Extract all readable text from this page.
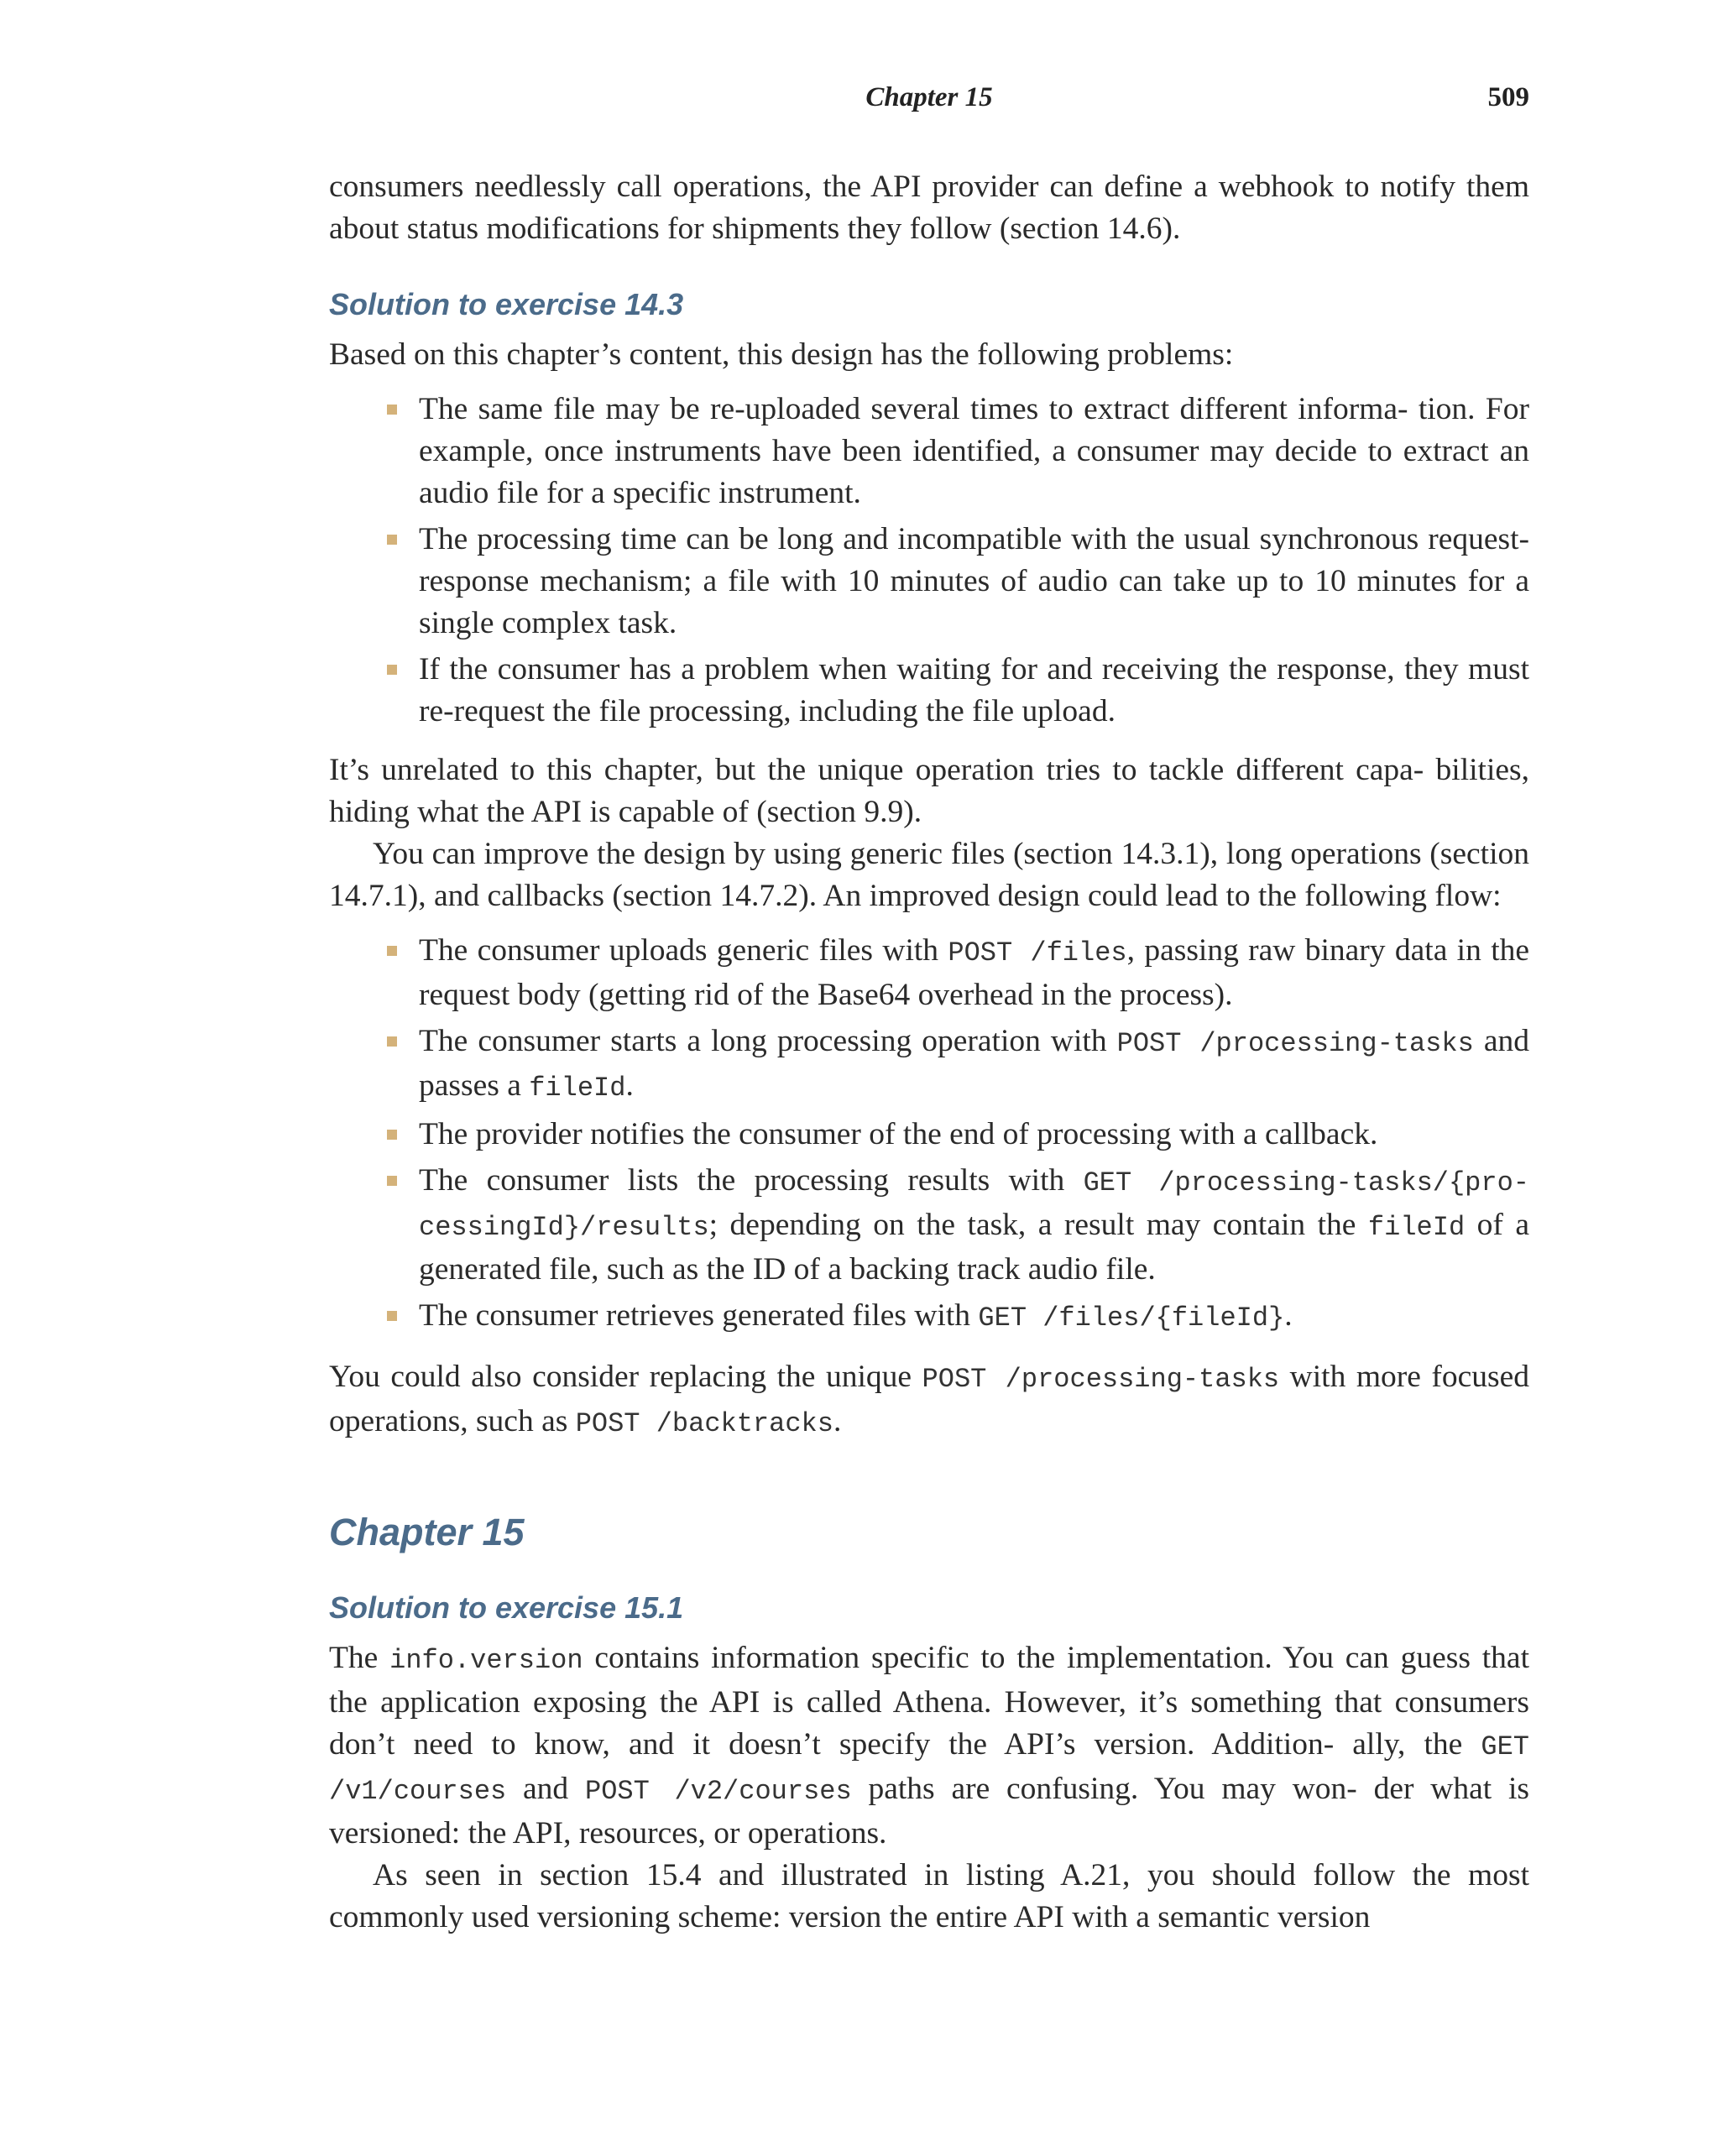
Chapter 15	509

consumers needlessly call operations, the API provider can define a webhook to notify them about status modifications for shipments they follow (section 14.6).

Solution to exercise 14.3

Based on this chapter’s content, this design has the following problems:

The same file may be re-uploaded several times to extract different informa- tion. For example, once instruments have been identified, a consumer may decide to extract an audio file for a specific instrument.
The processing time can be long and incompatible with the usual synchronous request-response mechanism; a file with 10 minutes of audio can take up to 10 minutes for a single complex task.
If the consumer has a problem when waiting for and receiving the response, they must re-request the file processing, including the file upload.

It’s unrelated to this chapter, but the unique operation tries to tackle different capa- bilities, hiding what the API is capable of (section 9.9).

You can improve the design by using generic files (section 14.3.1), long operations (section 14.7.1), and callbacks (section 14.7.2). An improved design could lead to the following flow:

The consumer uploads generic files with POST /files, passing raw binary data in the request body (getting rid of the Base64 overhead in the process).
The consumer starts a long processing operation with POST /processing-tasks and passes a fileId.
The provider notifies the consumer of the end of processing with a callback.
The consumer lists the processing results with GET /processing-tasks/{pro- cessingId}/results; depending on the task, a result may contain the fileId of a generated file, such as the ID of a backing track audio file.
The consumer retrieves generated files with GET /files/{fileId}.

You could also consider replacing the unique POST /processing-tasks with more focused operations, such as POST /backtracks.

Chapter 15
Solution to exercise 15.1

The info.version contains information specific to the implementation. You can guess that the application exposing the API is called Athena. However, it’s something that consumers don’t need to know, and it doesn’t specify the API’s version. Addition- ally, the GET /v1/courses and POST /v2/courses paths are confusing. You may won- der what is versioned: the API, resources, or operations.

As seen in section 15.4 and illustrated in listing A.21, you should follow the most commonly used versioning scheme: version the entire API with a semantic version
